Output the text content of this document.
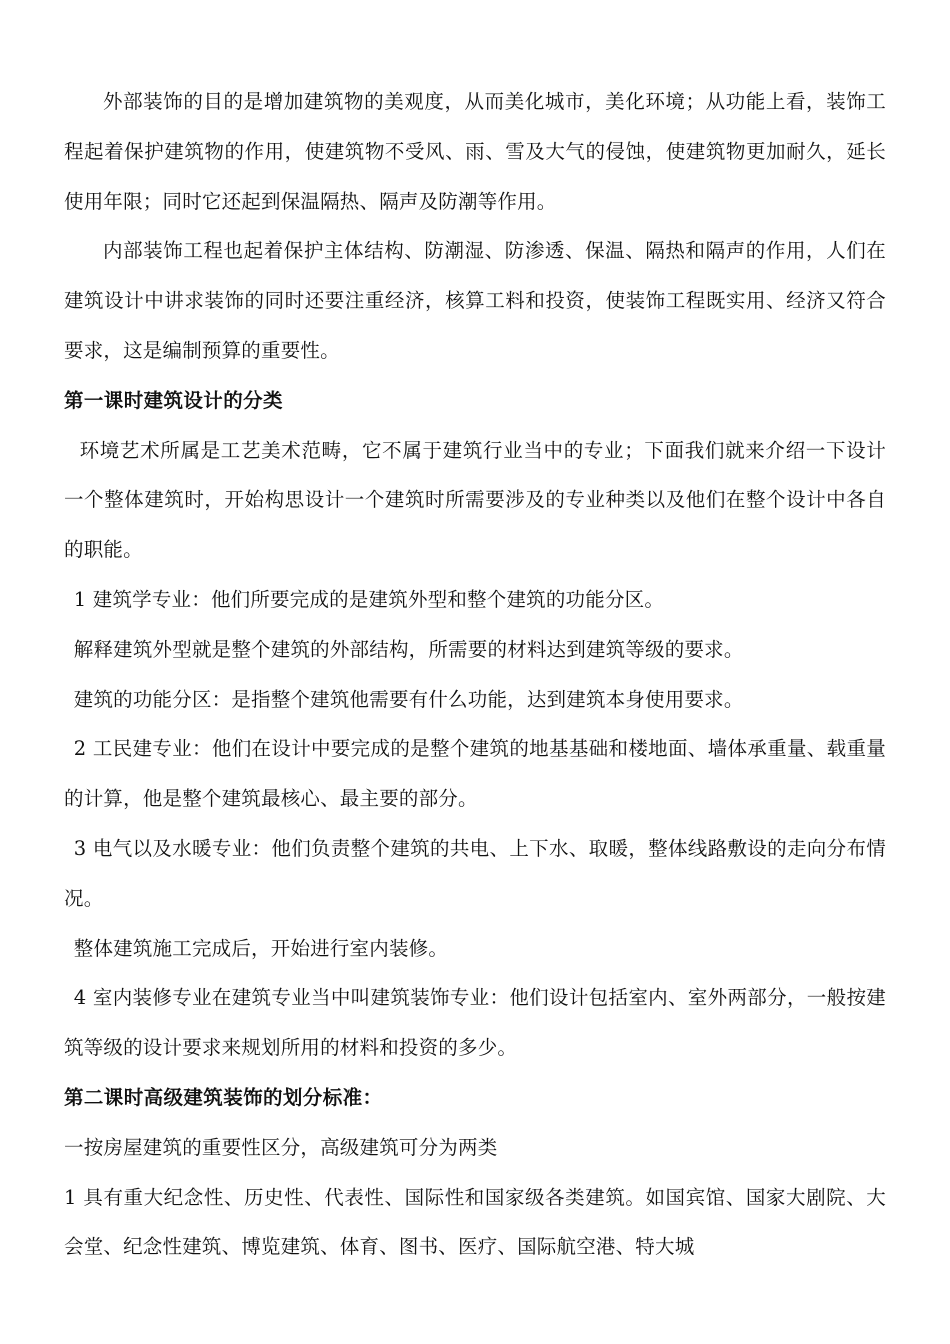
外部装饰的目的是增加建筑物的美观度，从而美化城市，美化环境；从功能上看，装饰工程起着保护建筑物的作用，使建筑物不受风、雨、雪及大气的侵蚀，使建筑物更加耐久，延长使用年限；同时它还起到保温隔热、隔声及防潮等作用。

内部装饰工程也起着保护主体结构、防潮湿、防渗透、保温、隔热和隔声的作用，人们在建筑设计中讲求装饰的同时还要注重经济，核算工料和投资，使装饰工程既实用、经济又符合要求，这是编制预算的重要性。

第一课时建筑设计的分类

环境艺术所属是工艺美术范畴，它不属于建筑行业当中的专业；下面我们就来介绍一下设计一个整体建筑时，开始构思设计一个建筑时所需要涉及的专业种类以及他们在整个设计中各自的职能。

1 建筑学专业：他们所要完成的是建筑外型和整个建筑的功能分区。

解释建筑外型就是整个建筑的外部结构，所需要的材料达到建筑等级的要求。

建筑的功能分区：是指整个建筑他需要有什么功能，达到建筑本身使用要求。

2 工民建专业：他们在设计中要完成的是整个建筑的地基基础和楼地面、墙体承重量、载重量的计算，他是整个建筑最核心、最主要的部分。

3 电气以及水暖专业：他们负责整个建筑的共电、上下水、取暖，整体线路敷设的走向分布情况。

整体建筑施工完成后，开始进行室内装修。

4 室内装修专业在建筑专业当中叫建筑装饰专业：他们设计包括室内、室外两部分，一般按建筑等级的设计要求来规划所用的材料和投资的多少。

第二课时高级建筑装饰的划分标准：

一按房屋建筑的重要性区分，高级建筑可分为两类

1 具有重大纪念性、历史性、代表性、国际性和国家级各类建筑。如国宾馆、国家大剧院、大会堂、纪念性建筑、博览建筑、体育、图书、医疗、国际航空港、特大城
